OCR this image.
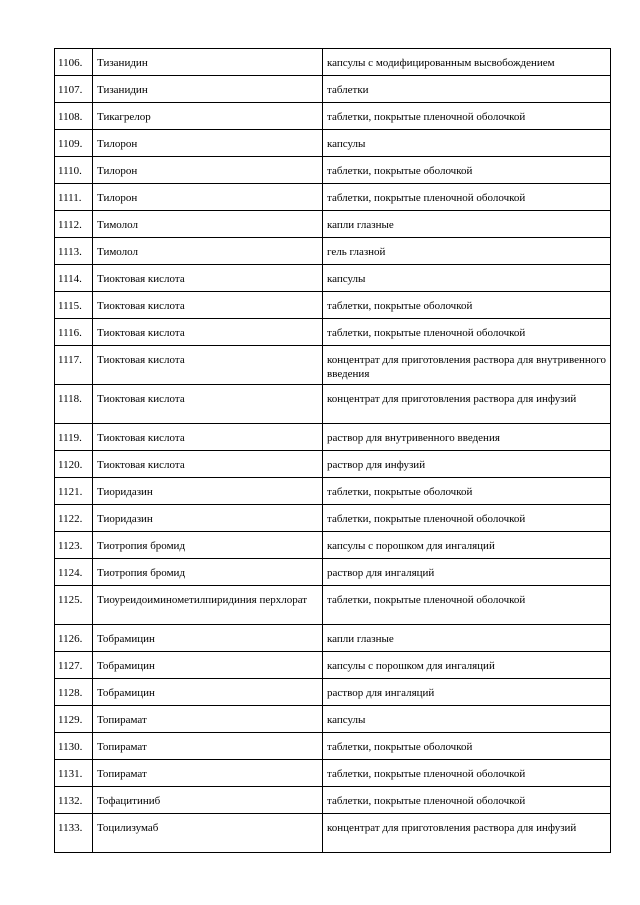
1106.	Тизанидин	капсулы с модифицированным высвобождением
1107.	Тизанидин	таблетки
1108.	Тикагрелор	таблетки, покрытые пленочной оболочкой
1109.	Тилорон	капсулы
1110.	Тилорон	таблетки, покрытые оболочкой
1111.	Тилорон	таблетки, покрытые пленочной оболочкой
1112.	Тимолол	капли глазные
1113.	Тимолол	гель глазной
1114.	Тиоктовая кислота	капсулы
1115.	Тиоктовая кислота	таблетки, покрытые оболочкой
1116.	Тиоктовая кислота	таблетки, покрытые пленочной оболочкой
1117.	Тиоктовая кислота	концентрат для приготовления раствора для внутривенного введения
1118.	Тиоктовая кислота	концентрат для приготовления раствора для инфузий
1119.	Тиоктовая кислота	раствор для внутривенного введения
1120.	Тиоктовая кислота	раствор для инфузий
1121.	Тиоридазин	таблетки, покрытые оболочкой
1122.	Тиоридазин	таблетки, покрытые пленочной оболочкой
1123.	Тиотропия бромид	капсулы с порошком для ингаляций
1124.	Тиотропия бромид	раствор для ингаляций
1125.	Тиоуреидоиминометилпиридиния перхлорат	таблетки, покрытые пленочной оболочкой
1126.	Тобрамицин	капли глазные
1127.	Тобрамицин	капсулы с порошком для ингаляций
1128.	Тобрамицин	раствор для ингаляций
1129.	Топирамат	капсулы
1130.	Топирамат	таблетки, покрытые оболочкой
1131.	Топирамат	таблетки, покрытые пленочной оболочкой
1132.	Тофацитиниб	таблетки, покрытые пленочной оболочкой
1133.	Тоцилизумаб	концентрат для приготовления раствора для инфузий
